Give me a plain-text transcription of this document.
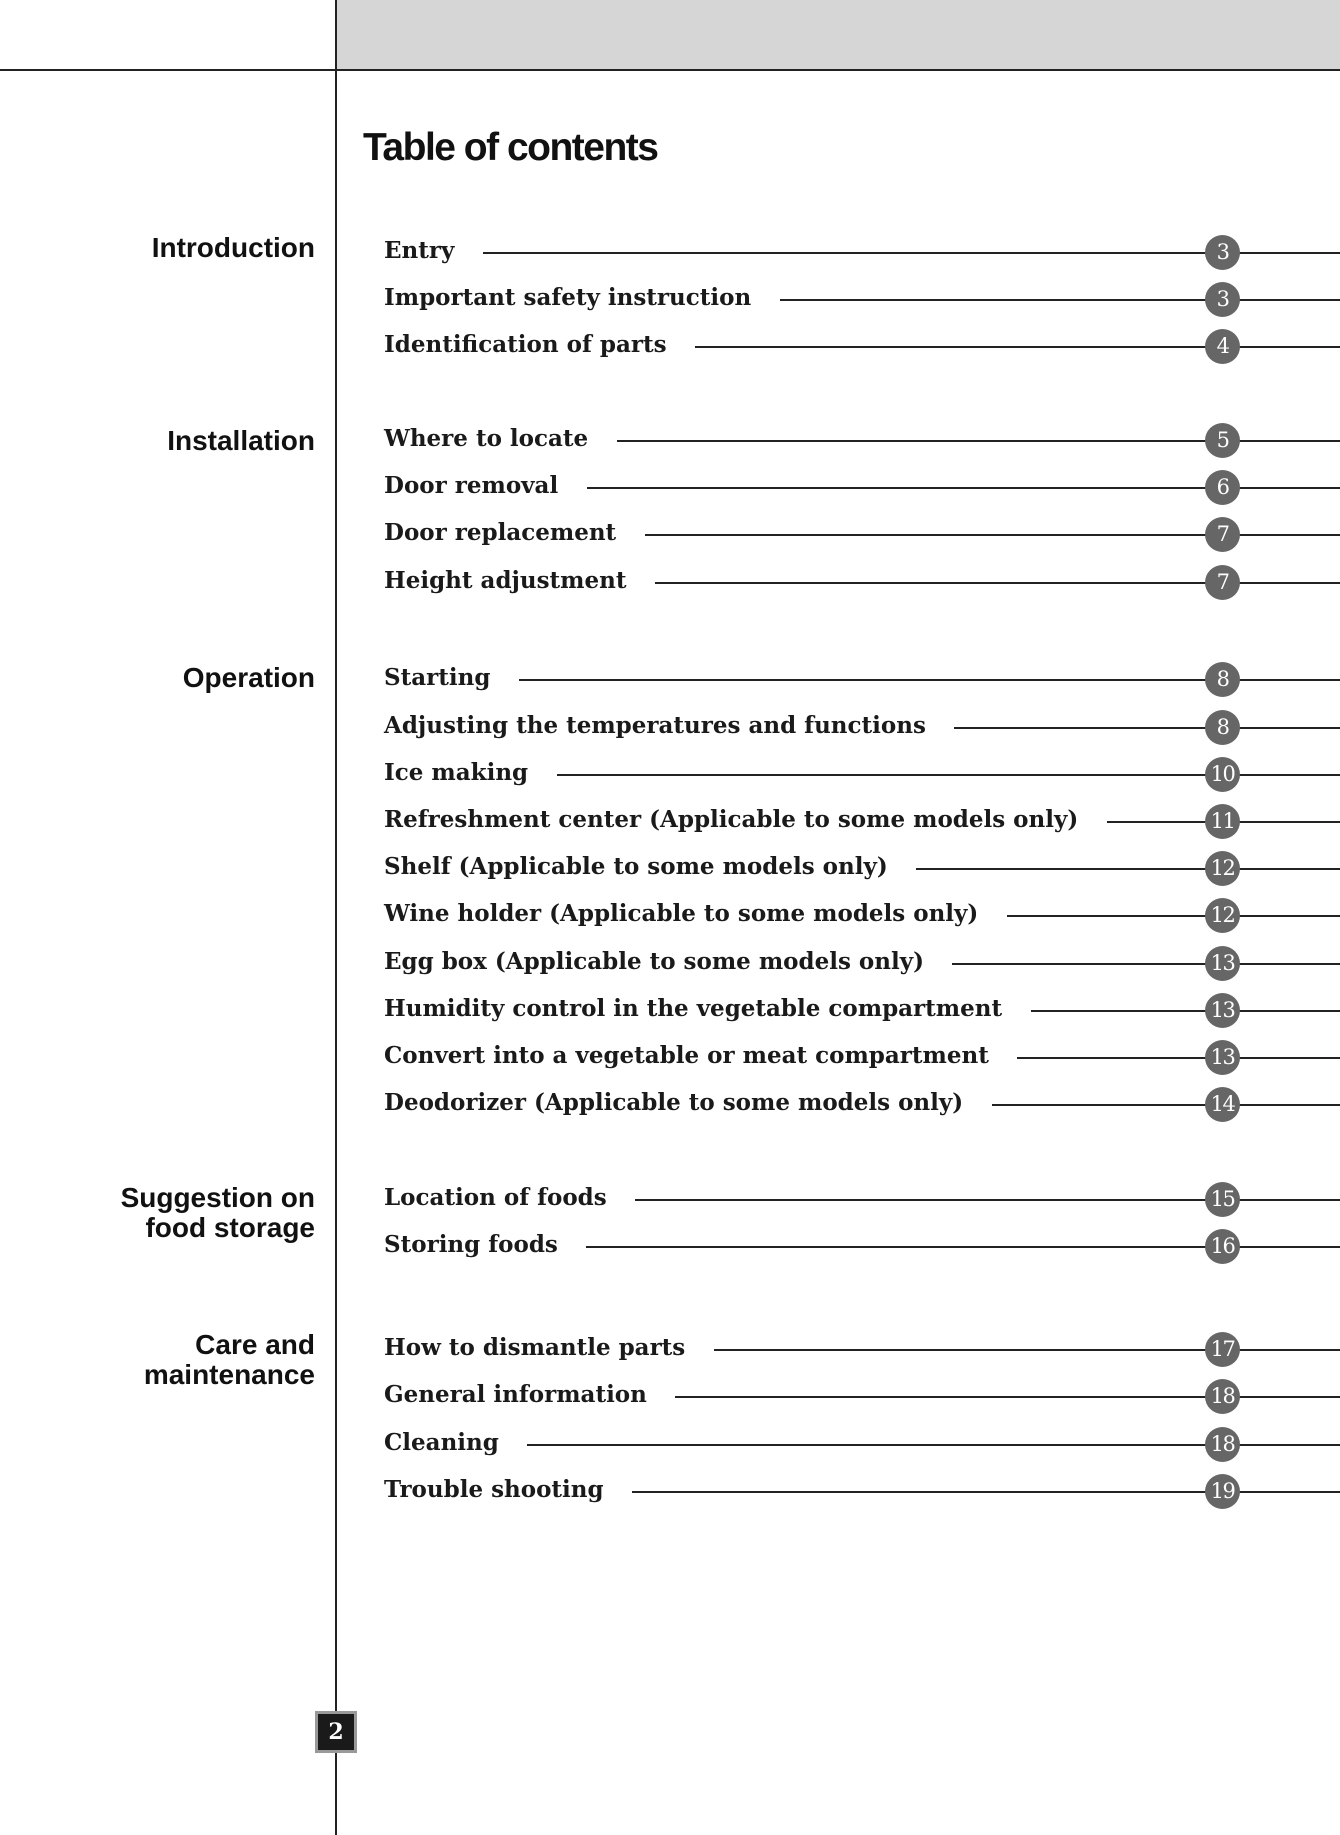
Table of contents
Introduction	Entry	3
Important safety instruction	3
Identification of parts	4
Installation	Where to locate	5
Door removal	6
Door replacement	7
Height adjustment	7
Operation	Starting	8
Adjusting the temperatures and functions	8
Ice making	10
Refreshment center (Applicable to some models only)	11
Shelf (Applicable to some models only)	12
Wine holder (Applicable to some models only)	12
Egg box (Applicable to some models only)	13
Humidity control in the vegetable compartment	13
Convert into a vegetable or meat compartment	13
Deodorizer (Applicable to some models only)	14
Suggestion on
food storage
Location of foods	15
Storing foods	16
Care and
maintenance
How to dismantle parts	17
General information	18
Cleaning	18
Trouble shooting	19
2
